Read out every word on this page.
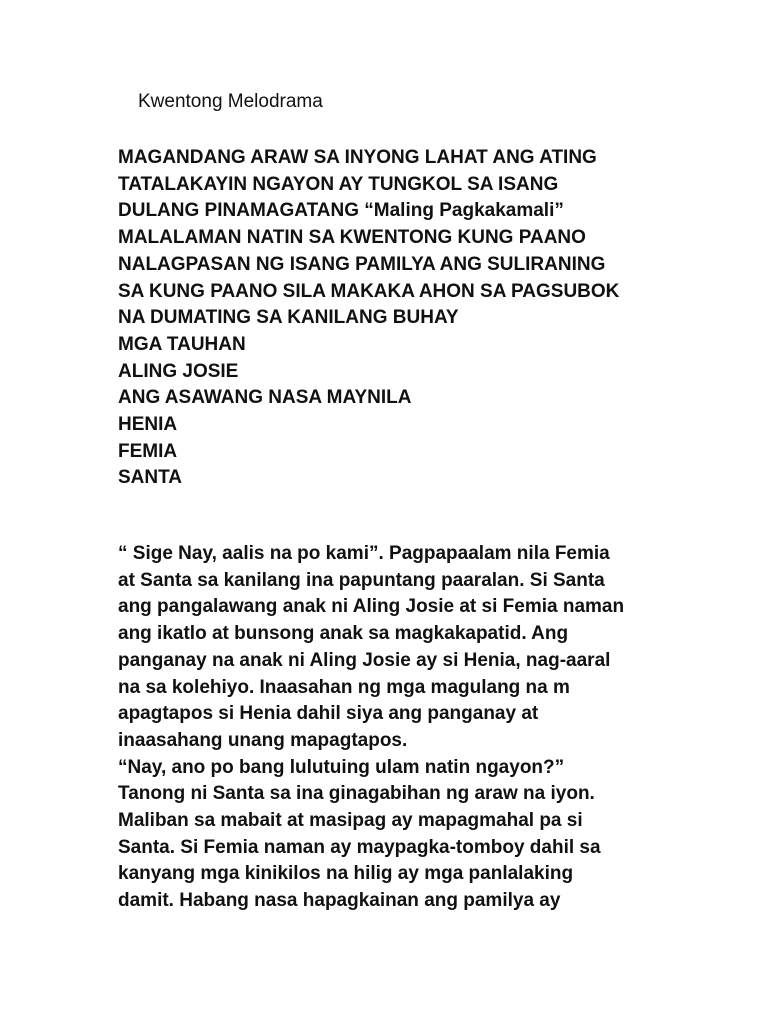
Kwentong Melodrama

MAGANDANG ARAW SA INYONG LAHAT ANG ATING
TATALAKAYIN NGAYON AY TUNGKOL SA ISANG
DULANG PINAMAGATANG “Maling Pagkakamali”
MALALAMAN NATIN SA KWENTONG KUNG PAANO
NALAGPASAN NG ISANG PAMILYA ANG SULIRANING
SA KUNG PAANO SILA MAKAKA AHON SA PAGSUBOK
NA DUMATING SA KANILANG BUHAY
MGA TAUHAN
ALING JOSIE
ANG ASAWANG NASA MAYNILA
HENIA
FEMIA
SANTA

“ Sige Nay, aalis na po kami”. Pagpapaalam nila Femia
at Santa sa kanilang ina papuntang paaralan. Si Santa
ang pangalawang anak ni Aling Josie at si Femia naman
ang ikatlo at bunsong anak sa magkakapatid. Ang
panganay na anak ni Aling Josie ay si Henia, nag-aaral
na sa kolehiyo. Inaasahan ng mga magulang na m
apagtapos si Henia dahil siya ang panganay at
inaasahang unang mapagtapos.
“Nay, ano po bang lulutuing ulam natin ngayon?”
Tanong ni Santa sa ina ginagabihan ng araw na iyon.
Maliban sa mabait at masipag ay mapagmahal pa si
Santa. Si Femia naman ay maypagka-tomboy dahil sa
kanyang mga kinikilos na hilig ay mga panlalaking
damit. Habang nasa hapagkainan ang pamilya ay
